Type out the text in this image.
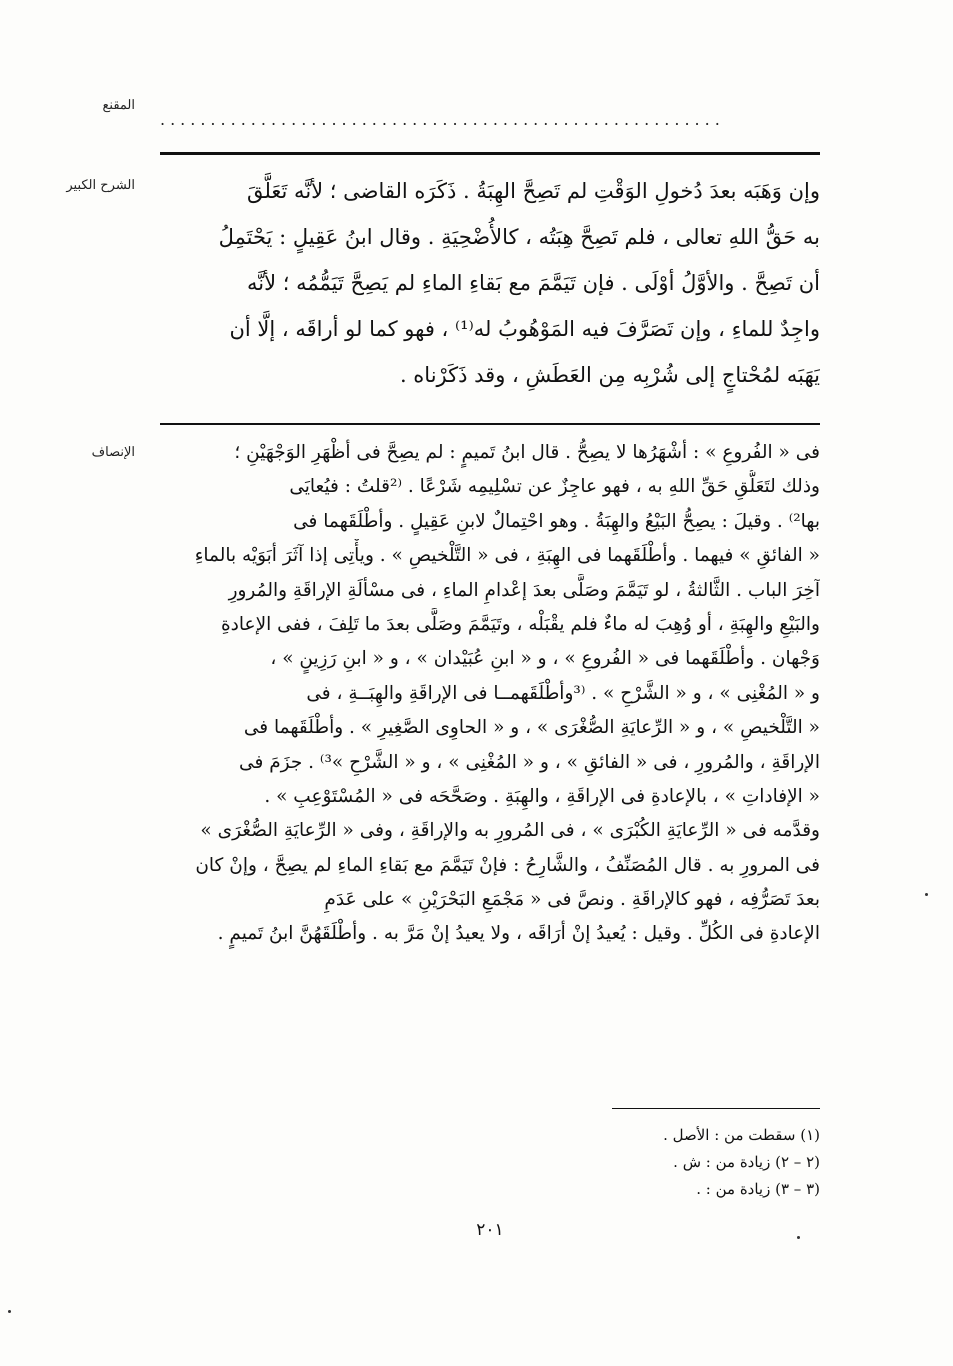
المقنع
........................................................
الشرح الكبير	وإن وَهَبَه بعدَ دُخولِ الوَقْتِ لم تَصِحَّ الهِبَةُ . ذَكَرَه القاضى ؛ لأنَّه تَعَلَّقَ

به حَقُّ اللهِ تعالى ، فلم تَصِحَّ هِبَتُه ، كالأُضْحِيَةِ . وقال ابنُ عَقِيلٍ : يَحْتَمِلُ

أن تَصِحَّ . والأوَّلُ أوْلَى . فإن تَيَمَّمَ مع بَقاءِ الماءِ لم يَصِحَّ تَيَمُّمُه ؛ لأنَّه

واجِدٌ للماءِ ، وإن تَصَرَّفَ فيه المَوْهُوبُ له⁽¹⁾ ، فهو كما لو أراقَه ، إلَّا أن

يَهَبَه لمُحْتاجٍ إلى شُرْبِه مِن العَطَشِ ، وقد ذَكَرْناه .

الإنصاف	فى « الفُروعِ » : أشْهَرُها لا يصِحُّ . قال ابنُ تَميمٍ : لم يصِحَّ فى أظْهَرِ الوَجْهَيْنِ ؛

وذلك لتَعَلُّقِ حَقِّ اللهِ به ، فهو عاجِزٌ عن تسْلِيمِه شَرْعًا . ⁽²قلتُ : فيُعايَى

بها²⁾ . وقيلَ : يصِحُّ البَيْعُ والهِبَةُ . وهو احْتِمالٌ لابنِ عَقِيلٍ . وأطْلَقَهما فى

« الفائقِ » فيهما . وأطْلَقَهما فى الهِبَةِ ، فى « التَّلْخيصِ » . ويأْتِى إذا آثَرَ أبَوَيْه بالماءِ

آخِرَ الباب . الثَّالثةُ ، لو تَيَمَّمَ وصَلَّى بعدَ إعْدامِ الماءِ ، فى مسْألَةِ الإراقَةِ والمُرورِ

والبَيْعِ والهِبَةِ ، أو وُهِبَ له ماءٌ فلم يقْبَلْه ، وتَيَمَّمَ وصَلَّى بعدَ ما تَلِفَ ، ففى الإعادةِ

وَجْهان . وأطْلَقَهما فى « الفُروعِ » ، و « ابنِ عُبَيْدان » ، و « ابنِ رَزِينٍ » ،

و « المُغْنِى » ، و « الشَّرْحِ » . ⁽³وأطْلَقَهمــا فى الإراقَةِ والهِبَــةِ ، فى

« التَّلْخيصِ » ، و « الرِّعايَةِ الصُّغْرَى » ، و « الحاوِى الصَّغِيرِ » . وأطْلَقَهما فى

الإراقَةِ ، والمُرورِ ، فى « الفائقِ » ، و « المُغْنِى » ، و « الشَّرْحِ »³⁾ . جزَمَ فى

« الإفاداتِ » ، بالإعادةِ فى الإراقَةِ ، والهِبَةِ . وصَحَّحَه فى « المُسْتَوْعِبِ » .

وقدَّمه فى « الرِّعايَةِ الكُبْرَى » ، فى المُرورِ به والإراقَةِ ، وفى « الرِّعايَةِ الصُّغْرَى »

فى المرورِ به . قال المُصَنِّفُ ، والشَّارِحُ : فإنْ تَيَمَّمَ مع بَقاءِ الماءِ لم يصِحَّ ، وإنْ كان

بعدَ تَصَرُّفِه ، فهو كالإراقَةِ . ونصَّ فى « مَجْمَعِ البَحْرَيْنِ » على عَدَمِ

الإعادةِ فى الكُلِّ . وقيل : يُعيدُ إنْ أرَاقَه ، ولا يعيدُ إنْ مَرَّ به . وأطْلَقَهُنَّ ابنُ تَميمٍ .

(١) سقطت من : الأصل .

(٢ – ٢) زيادة من : ش .

(٣ – ٣) زيادة من : .

٢٠١
